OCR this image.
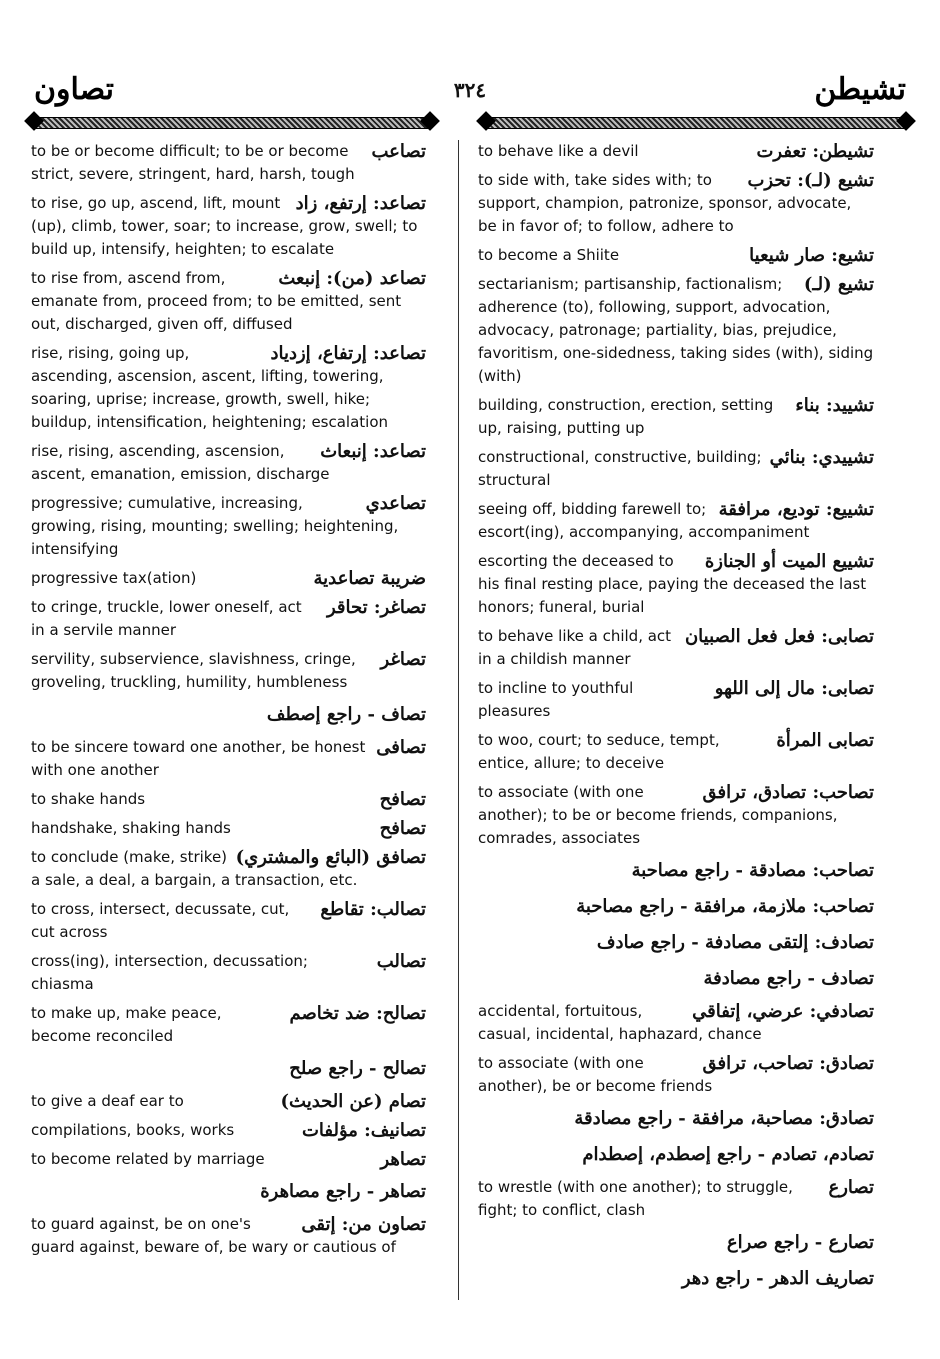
تشيطن
٣٢٤
تصاون
تصاعب
to be or become difficult; to be or become strict, severe, stringent, hard, harsh, tough
تصاعد: إرتفع، زاد
to rise, go up, ascend, lift, mount (up), climb, tower, soar; to increase, grow, swell; to build up, intensify, heighten; to escalate
تصاعد (من): إنبعث
to rise from, ascend from, emanate from, proceed from; to be emitted, sent out, discharged, given off, diffused
تصاعد: إرتفاع، إزدياد
rise, rising, going up, ascending, ascension, ascent, lifting, towering, soaring, uprise; increase, growth, swell, hike; buildup, intensification, heightening; escalation
تصاعد: إنبعاث
rise, rising, ascending, ascension, ascent, emanation, emission, discharge
تصاعدي
progressive; cumulative, increasing, growing, rising, mounting; swelling; heightening, intensifying
ضريبة تصاعدية
progressive tax(ation)
تصاغر: تحاقر
to cringe, truckle, lower oneself, act in a servile manner
تصاغر
servility, subservience, slavishness, cringe, groveling, truckling, humility, humbleness
تصاف - راجع إصطف
تصافى
to be sincere toward one another, be honest with one another
تصافح
to shake hands
تصافح
handshake, shaking hands
تصافق (البائع والمشتري)
to conclude (make, strike) a sale, a deal, a bargain, a transaction, etc.
تصالب: تقاطع
to cross, intersect, decussate, cut, cut across
تصالب
cross(ing), intersection, decussation; chiasma
تصالح: ضد تخاصم
to make up, make peace, become reconciled
تصالح - راجع صلح
تصام (عن الحديث)
to give a deaf ear to
تصانيف: مؤلفات
compilations, books, works
تصاهر
to become related by marriage
تصاهر - راجع مصاهرة
تصاون من: إتقى
to guard against, be on one's guard against, beware of, be wary or cautious of
تشيطن: تعفرت
to behave like a devil
تشيع (لـ): تحزب
to side with, take sides with; to support, champion, patronize, sponsor, advocate, be in favor of; to follow, adhere to
تشيع: صار شيعيا
to become a Shiite
تشيع (لـ)
sectarianism; partisanship, factionalism; adherence (to), following, support, advocation, advocacy, patronage; partiality, bias, prejudice, favoritism, one-sidedness, taking sides (with), siding (with)
تشييد: بناء
building, construction, erection, setting up, raising, putting up
تشييدي: بنائي
constructional, constructive, building; structural
تشييع: توديع، مرافقة
seeing off, bidding farewell to; escort(ing), accompanying, accompaniment
تشييع الميت أو الجنازة
escorting the deceased to his final resting place, paying the deceased the last honors; funeral, burial
تصابى: فعل فعل الصبيان
to behave like a child, act in a childish manner
تصابى: مال إلى اللهو
to incline to youthful pleasures
تصابى المرأة
to woo, court; to seduce, tempt, entice, allure; to deceive
تصاحب: تصادق، ترافق
to associate (with one another); to be or become friends, companions, comrades, associates
تصاحب: مصادقة - راجع مصاحبة
تصاحب: ملازمة، مرافقة - راجع مصاحبة
تصادف: إلتقى مصادفة - راجع صادف
تصادف - راجع مصادفة
تصادفي: عرضي، إتفاقي
accidental, fortuitous, casual, incidental, haphazard, chance
تصادق: تصاحب، ترافق
to associate (with one another), be or become friends
تصادق: مصاحبة، مرافقة - راجع مصادقة
تصادم، تصادم - راجع إصطدم، إصطدام
تصارع
to wrestle (with one another); to struggle, fight; to conflict, clash
تصارع - راجع صراع
تصاريف الدهر - راجع دهر
